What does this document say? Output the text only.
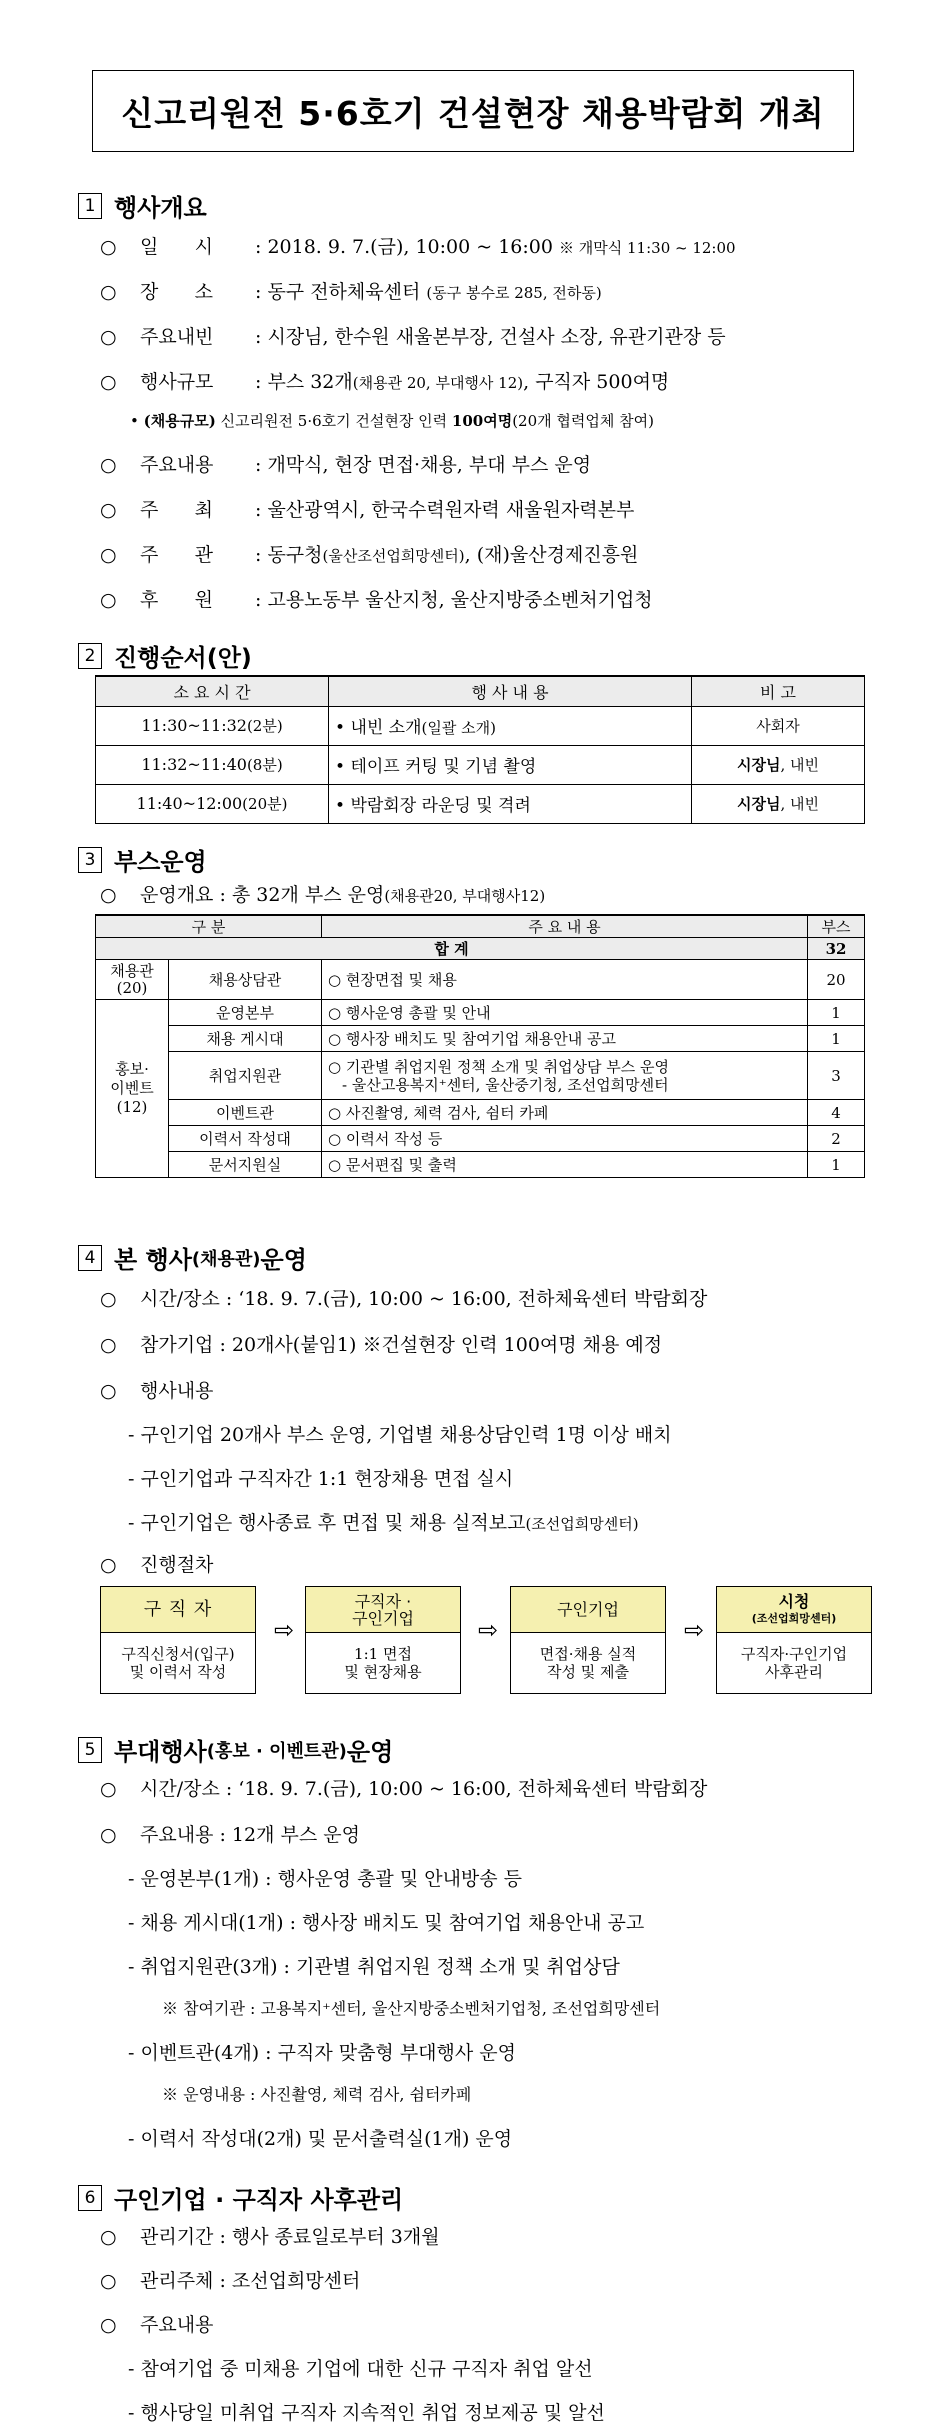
신고리원전 5·6호기 건설현장 채용박람회 개최
1 행사개요
○ 일      시 : 2018. 9. 7.(금), 10:00 ~ 16:00 ※ 개막식 11:30 ~ 12:00
○ 장      소 : 동구 전하체육센터 (동구 봉수로 285, 전하동)
○ 주요내빈 : 시장님, 한수원 새울본부장, 건설사 소장, 유관기관장 등
○ 행사규모 : 부스 32개(채용관 20, 부대행사 12), 구직자 500여명
• (채용규모) 신고리원전 5·6호기 건설현장 인력 100여명(20개 협력업체 참여)
○ 주요내용 : 개막식, 현장 면접·채용, 부대 부스 운영
○ 주      최 : 울산광역시, 한국수력원자력 새울원자력본부
○ 주      관 : 동구청(울산조선업희망센터), (재)울산경제진흥원
○ 후      원 : 고용노동부 울산지청, 울산지방중소벤처기업청
2 진행순서(안)
소 요 시 간	행 사 내 용	비 고
11:30~11:32(2분)	• 내빈 소개(일괄 소개)	사회자
11:32~11:40(8분)	• 테이프 커팅 및 기념 촬영	시장님, 내빈
11:40~12:00(20분)	• 박람회장 라운딩 및 격려	시장님, 내빈
3 부스운영
○ 운영개요 : 총 32개 부스 운영(채용관20, 부대행사12)
구 분		주 요 내 용	부스
합 계			32
채용관
(20)	채용상담관	○ 현장면접 및 채용	20
홍보·
이벤트
(12)	운영본부	○ 행사운영 총괄 및 안내	1
	채용 게시대	○ 행사장 배치도 및 참여기업 채용안내 공고	1
	취업지원관	○ 기관별 취업지원 정책 소개 및 취업상담 부스 운영
- 울산고용복지⁺센터, 울산중기청, 조선업희망센터	3
	이벤트관	○ 사진촬영, 체력 검사, 쉼터 카페	4
	이력서 작성대	○ 이력서 작성 등	2
	문서지원실	○ 문서편집 및 출력	1
4 본 행사 (채용관) 운영
○ 시간/장소 : ‘18. 9. 7.(금), 10:00 ~ 16:00, 전하체육센터 박람회장
○ 참가기업 : 20개사(붙임1) ※건설현장 인력 100여명 채용 예정
○ 행사내용
- 구인기업 20개사 부스 운영, 기업별 채용상담인력 1명 이상 배치
- 구인기업과 구직자간 1:1 현장채용 면접 실시
- 구인기업은 행사종료 후 면접 및 채용 실적보고(조선업희망센터)
○ 진행절차
구 직 자
구직신청서(입구)
및 이력서 작성
⇨
구직자 ·
구인기업
1:1 면접
및 현장채용
⇨
구인기업
면접·채용 실적
작성 및 제출
⇨
시청
(조선업희망센터)
구직자·구인기업
사후관리
5 부대행사 (홍보 · 이벤트관) 운영
○ 시간/장소 : ‘18. 9. 7.(금), 10:00 ~ 16:00, 전하체육센터 박람회장
○ 주요내용 : 12개 부스 운영
- 운영본부(1개) : 행사운영 총괄 및 안내방송 등
- 채용 게시대(1개) : 행사장 배치도 및 참여기업 채용안내 공고
- 취업지원관(3개) : 기관별 취업지원 정책 소개 및 취업상담
※ 참여기관 : 고용복지⁺센터, 울산지방중소벤처기업청, 조선업희망센터
- 이벤트관(4개) : 구직자 맞춤형 부대행사 운영
※ 운영내용 : 사진촬영, 체력 검사, 쉼터카페
- 이력서 작성대(2개) 및 문서출력실(1개) 운영
6 구인기업 · 구직자 사후관리
○ 관리기간 : 행사 종료일로부터 3개월
○ 관리주체 : 조선업희망센터
○ 주요내용
- 참여기업 중 미채용 기업에 대한 신규 구직자 취업 알선
- 행사당일 미취업 구직자 지속적인 취업 정보제공 및 알선
